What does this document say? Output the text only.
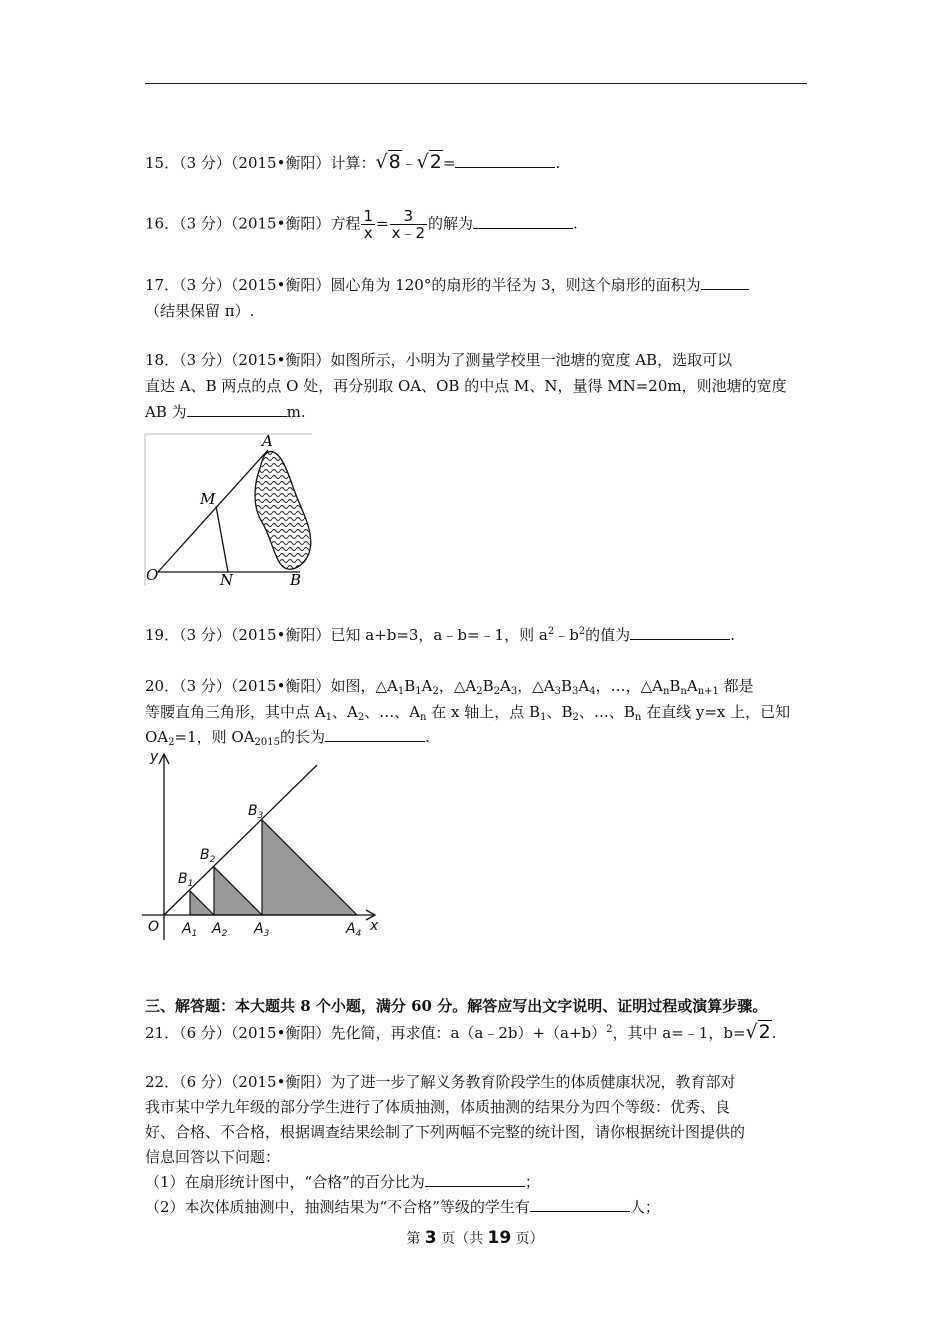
15．（3 分）（2015•衡阳）计算：√8﹣√2=	.
16．（3 分）（2015•衡阳）方程 $\frac{1}{x} = \frac{3}{x﹣2}$ 的解为	.
17．（3 分）（2015•衡阳）圆心角为 120°的扇形的半径为 3，则这个扇形的面积为
（结果保留 π）.
18．（3 分）（2015•衡阳）如图所示，小明为了测量学校里一池塘的宽度 AB，选取可以
直达 A、B 两点的点 O 处，再分别取 OA、OB 的中点 M、N，量得 MN=20m，则池塘的宽度
AB 为	m.
A
M
O	N	B
19．（3 分）（2015•衡阳）已知 a+b=3，a﹣b=﹣1，则 $a^2﹣b^2$的值为	.
20．（3 分）（2015•衡阳）如图，$\triangle A_1B_1A_2$，$\triangle A_2B_2A_3$，$\triangle A_3B_3A_4$，…，$\triangle A_nB_nA_{n+1}$ 都是
等腰直角三角形，其中点 $A_1$、$A_2$、…、$A_n$ 在 x 轴上，点 $B_1$、$B_2$、…、$B_n$ 在直线 y=x 上，已知
$OA_2=1$，则 $OA_{2015}$的长为	.
y
x
O $A_1$ $A_2$ $A_3$	$A_4$
$B_1$
$B_2$
$B_3$
三、解答题：本大题共 8 个小题，满分 60 分。解答应写出文字说明、证明过程或演算步骤。
21．（6 分）（2015•衡阳）先化简，再求值：$a(a﹣2b)+(a+b)^2$，其中 a=﹣1，b=√2.
22．（6 分）（2015•衡阳）为了进一步了解义务教育阶段学生的体质健康状况，教育部对
我市某中学九年级的部分学生进行了体质抽测，体质抽测的结果分为四个等级：优秀、良
好、合格、不合格，根据调查结果绘制了下列两幅不完整的统计图，请你根据统计图提供的
信息回答以下问题：
（1）在扇形统计图中，“合格”的百分比为	；
（2）本次体质抽测中，抽测结果为“不合格”等级的学生有	人；
第 3 页（共 19 页）
